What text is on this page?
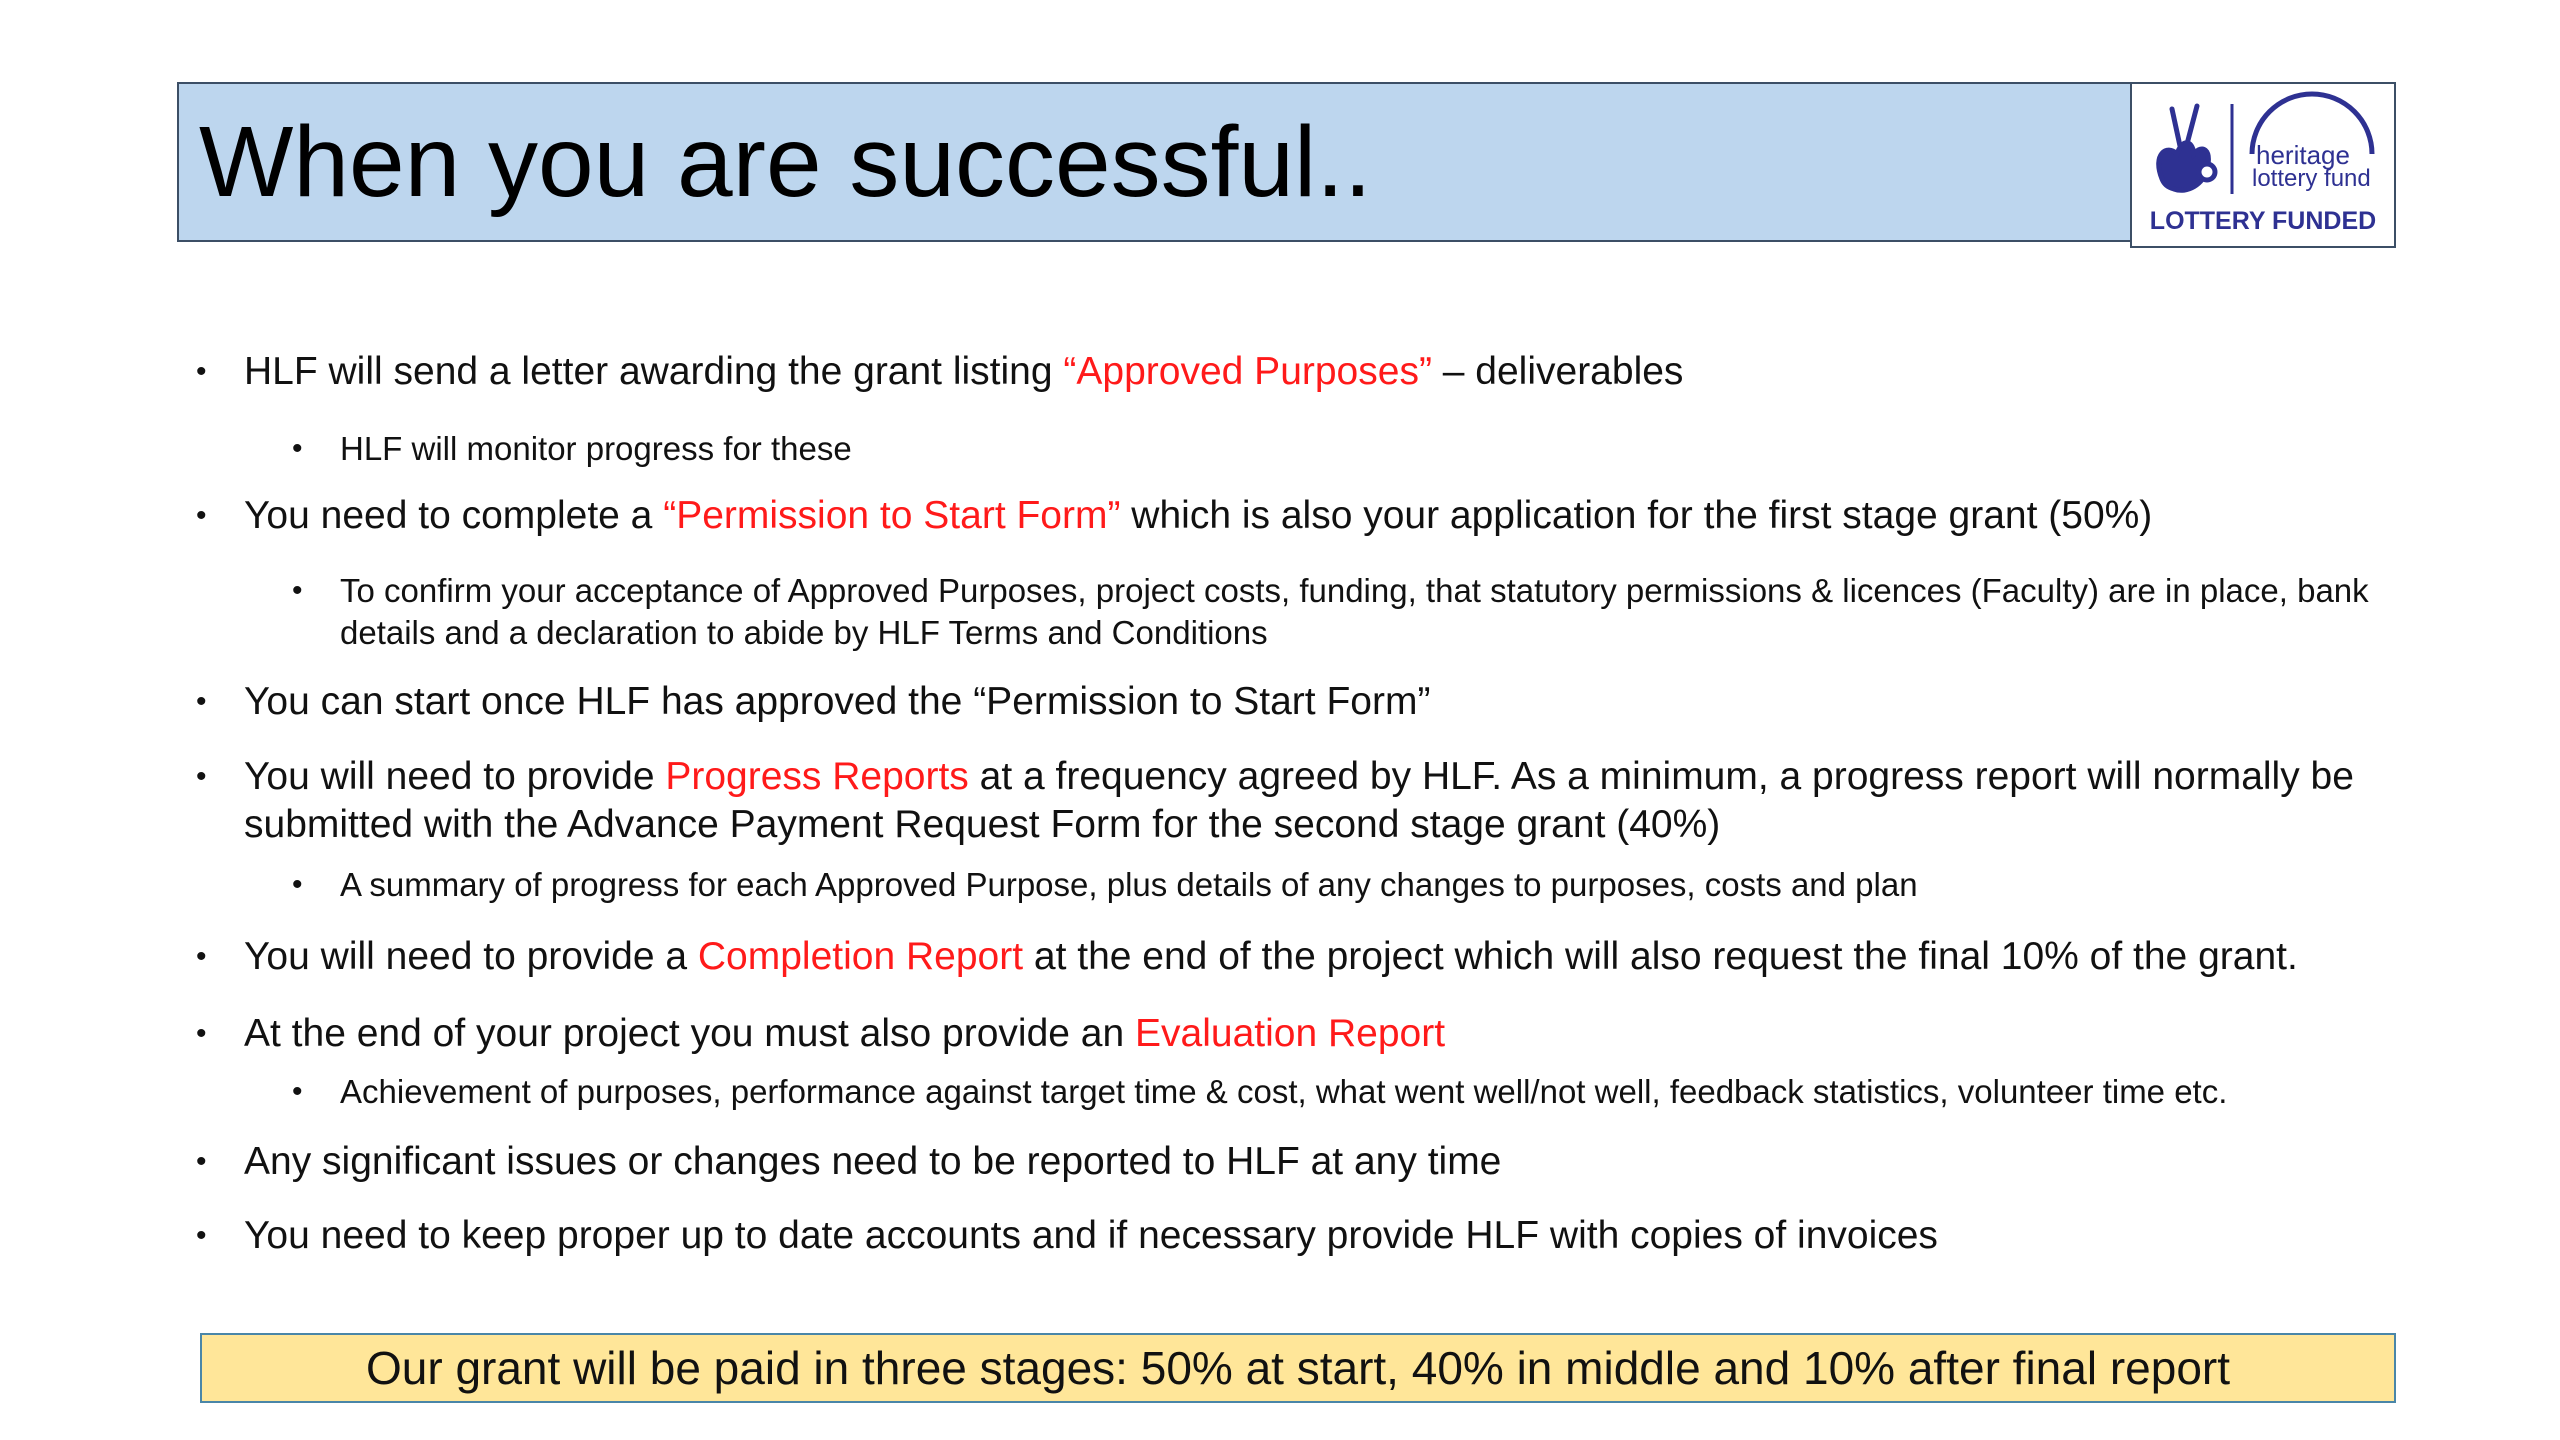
When you are successful..	heritage
lottery fund
LOTTERY FUNDED
• HLF will send a letter awarding the grant listing “Approved Purposes” – deliverables
• HLF will monitor progress for these
• You need to complete a “Permission to Start Form” which is also your application for the first stage grant (50%)
• To confirm your acceptance of Approved Purposes, project costs, funding, that statutory permissions & licences (Faculty) are in place, bank details and a declaration to abide by HLF Terms and Conditions
• You can start once HLF has approved the “Permission to Start Form”
• You will need to provide Progress Reports at a frequency agreed by HLF. As a minimum, a progress report will normally be submitted with the Advance Payment Request Form for the second stage grant (40%)
• A summary of progress for each Approved Purpose, plus details of any changes to purposes, costs and plan
• You will need to provide a Completion Report at the end of the project which will also request the final 10% of the grant.
• At the end of your project you must also provide an Evaluation Report
• Achievement of purposes, performance against target time & cost, what went well/not well, feedback statistics, volunteer time etc.
• Any significant issues or changes need to be reported to HLF at any time
• You need to keep proper up to date accounts and if necessary provide HLF with copies of invoices
Our grant will be paid in three stages: 50% at start, 40% in middle and 10% after final report
